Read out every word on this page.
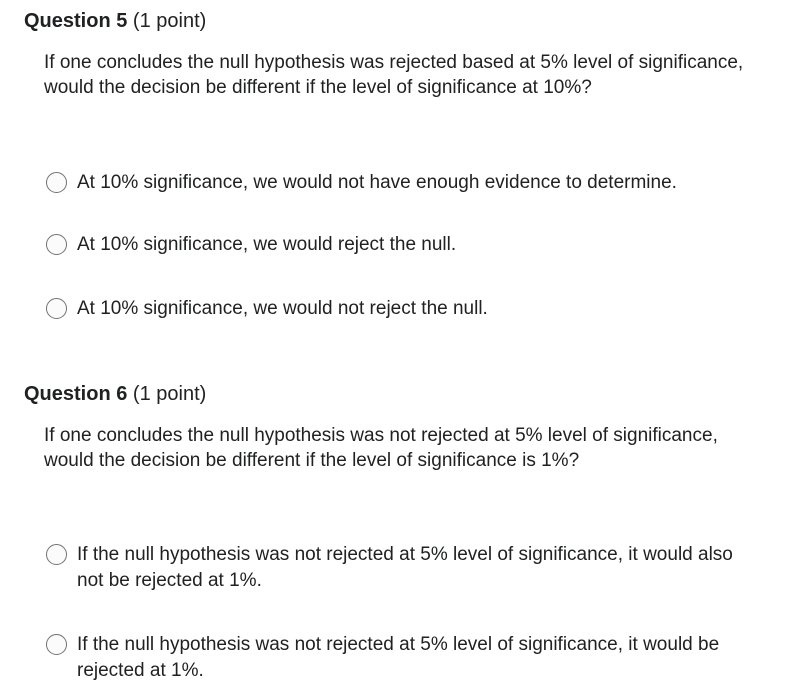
Question 5 (1 point)
If one concludes the null hypothesis was rejected based at 5% level of significance, would the decision be different if the level of significance at 10%?
At 10% significance, we would not have enough evidence to determine.
At 10% significance, we would reject the null.
At 10% significance, we would not reject the null.
Question 6 (1 point)
If one concludes the null hypothesis was not rejected at 5% level of significance, would the decision be different if the level of significance is 1%?
If the null hypothesis was not rejected at 5% level of significance, it would also not be rejected at 1%.
If the null hypothesis was not rejected at 5% level of significance, it would be rejected at 1%.
